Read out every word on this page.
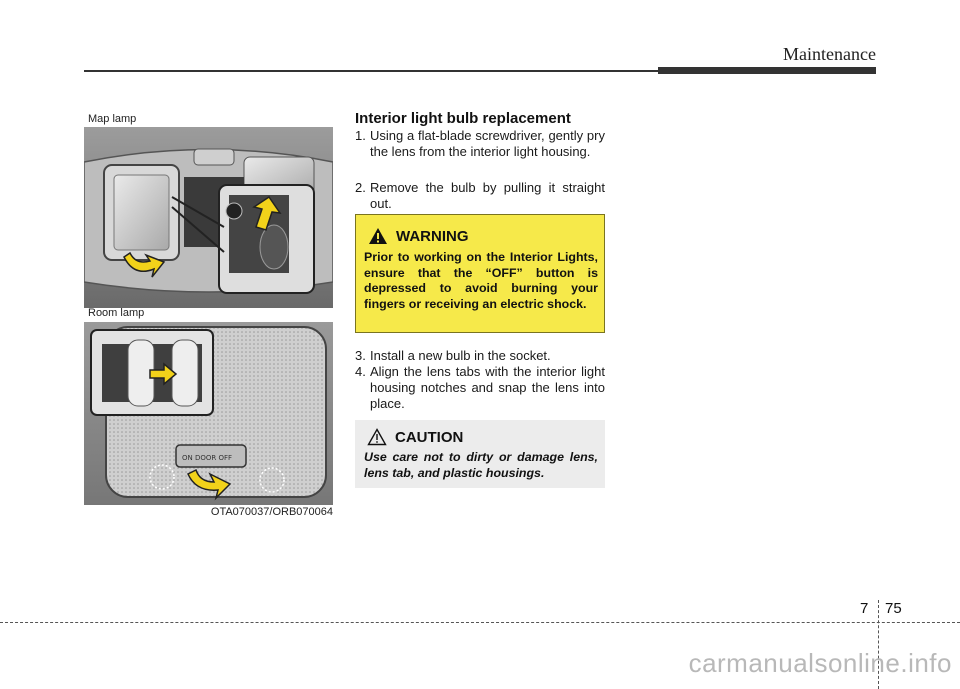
Maintenance
Map lamp
Room lamp
ON DOOR OFF
OTA070037/ORB070064
Interior light bulb replacement
1. Using a flat-blade screwdriver, gently pry the lens from the interior light housing.
2. Remove the bulb by pulling it straight out.
WARNING
Prior to working on the Interior Lights, ensure that the “OFF” button is depressed to avoid burning your fingers or receiving an electric shock.
3. Install a new bulb in the socket.
4. Align the lens tabs with the interior light housing notches and snap the lens into place.
CAUTION
Use care not to dirty or damage lens, lens tab, and plastic housings.
7 75
carmanualsonline.info
